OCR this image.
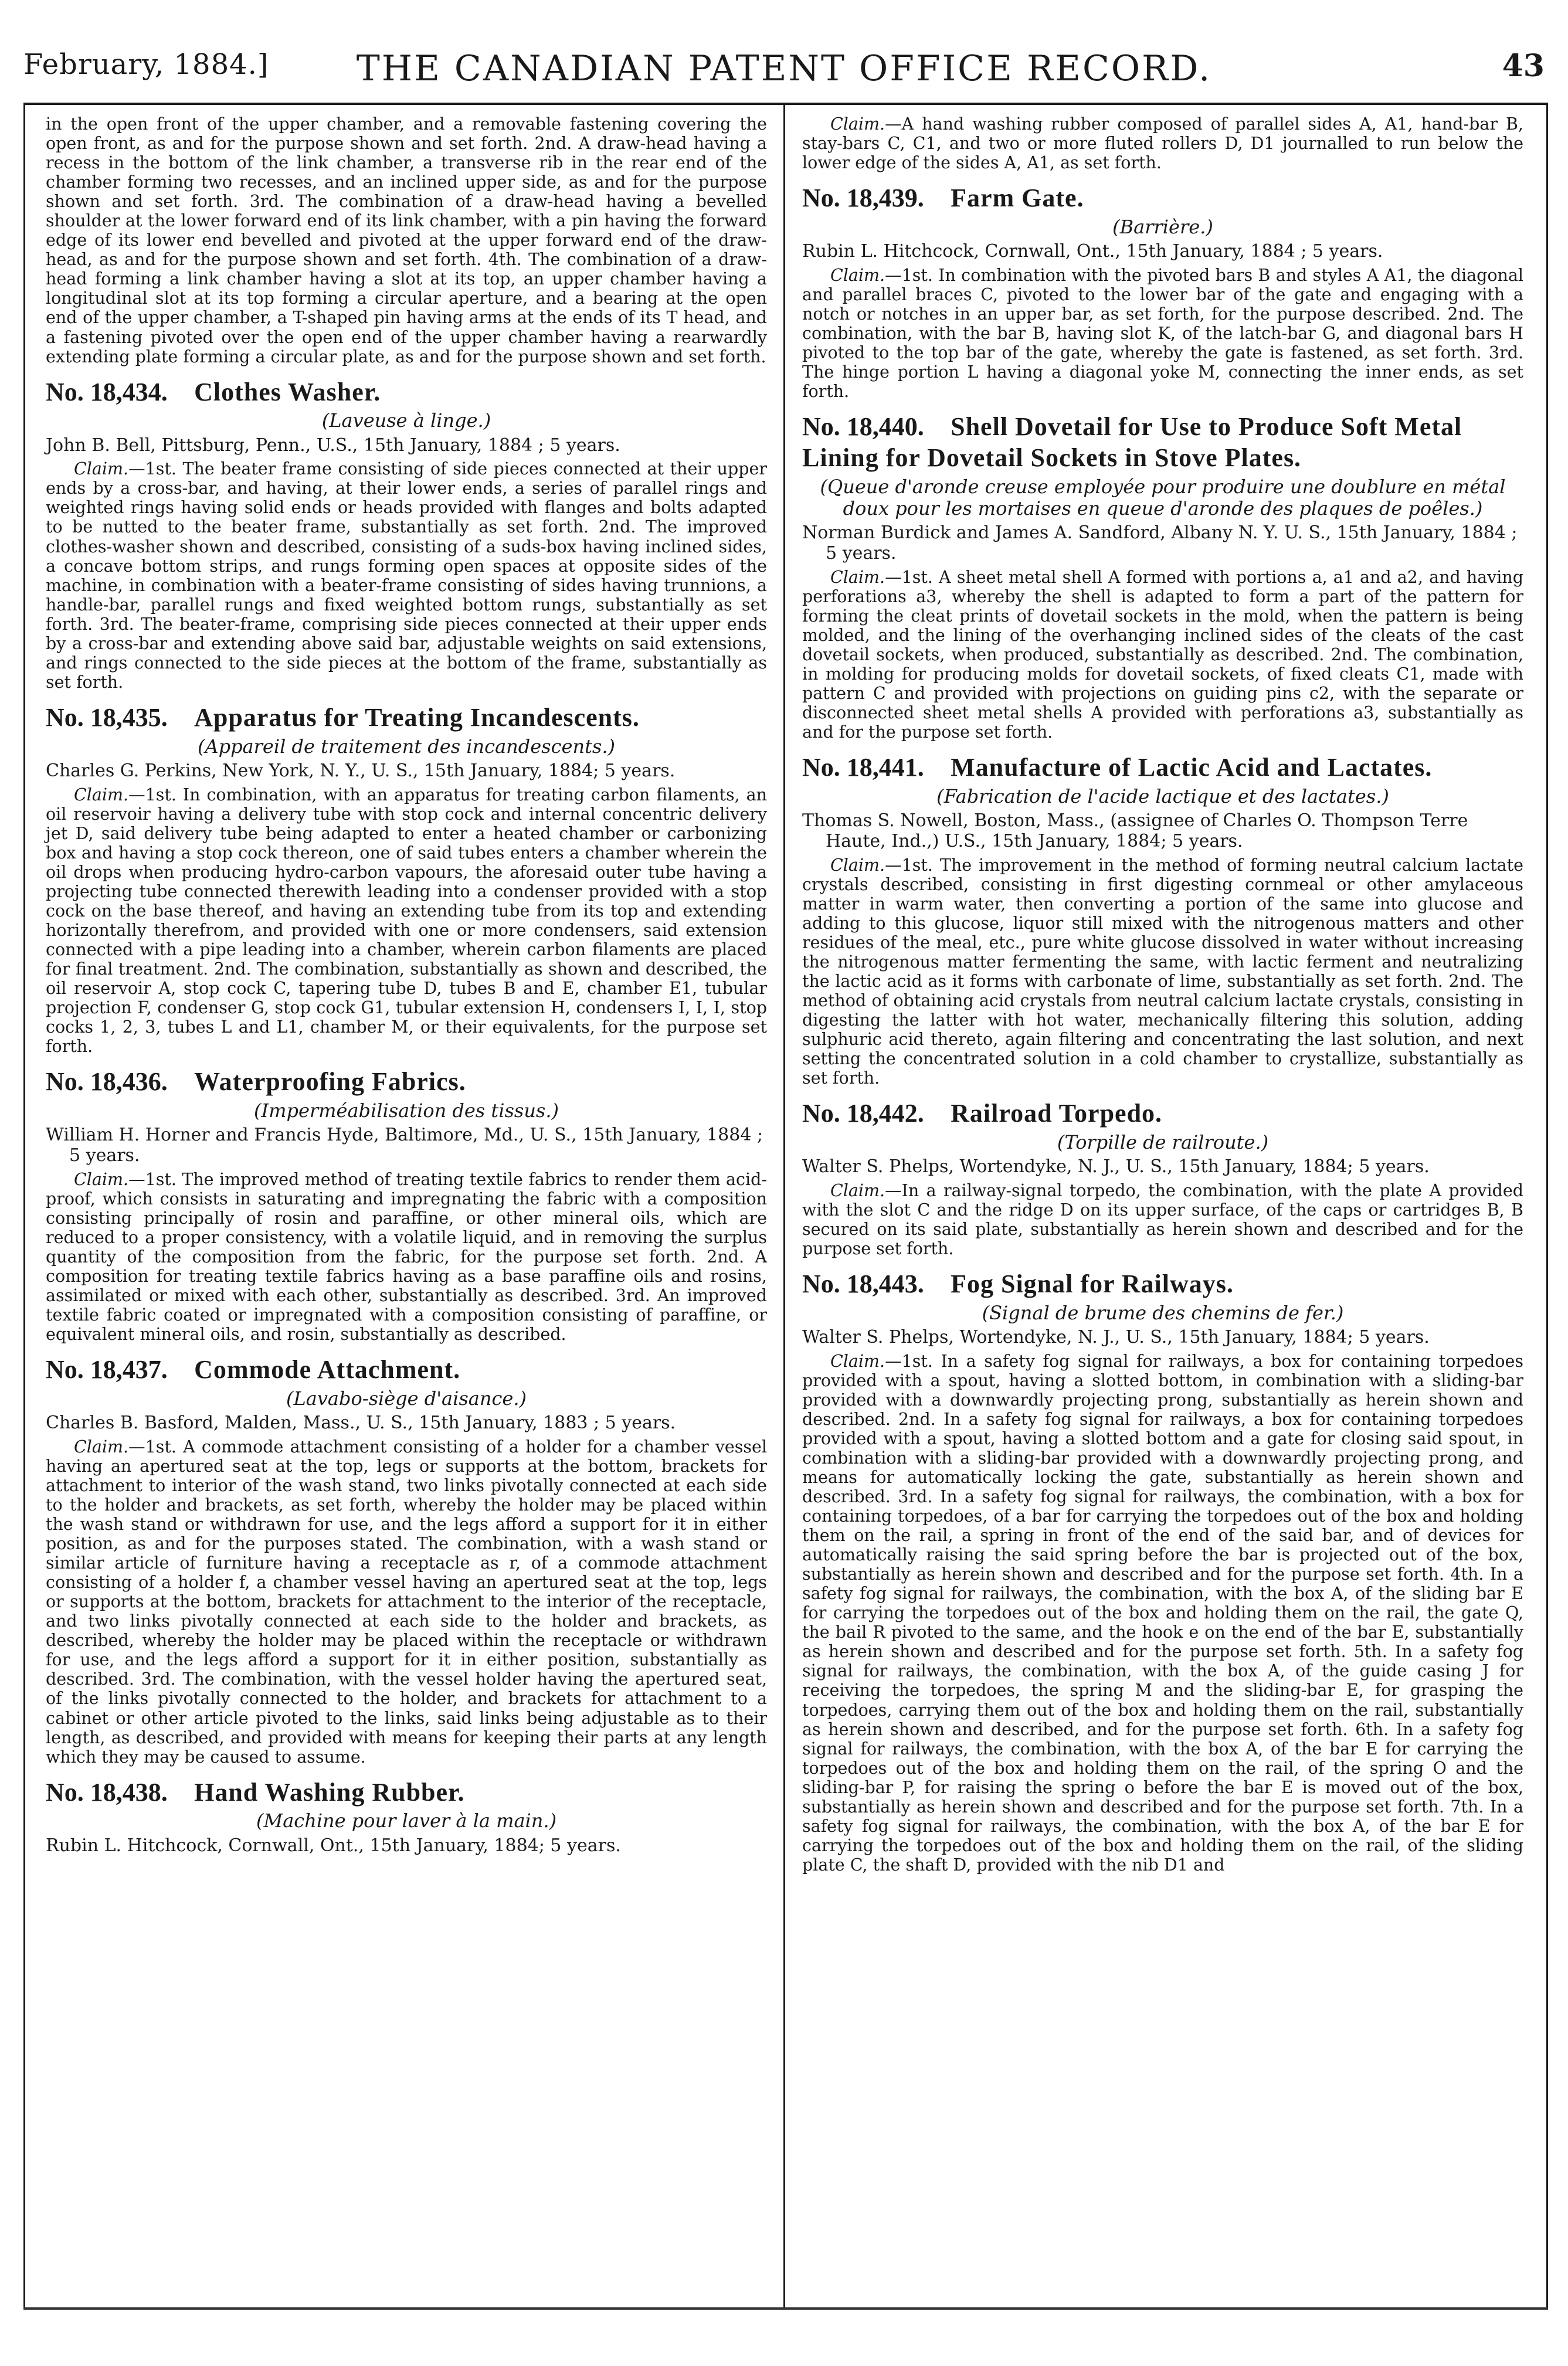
February, 1884.]	THE CANADIAN PATENT OFFICE RECORD.	43

in the open front of the upper chamber, and a removable fastening covering the open front, as and for the purpose shown and set forth. 2nd. A draw-head having a recess in the bottom of the link chamber, a transverse rib in the rear end of the chamber forming two recesses, and an inclined upper side, as and for the purpose shown and set forth. 3rd. The combination of a draw-head having a bevelled shoulder at the lower forward end of its link chamber, with a pin having the forward edge of its lower end bevelled and pivoted at the upper forward end of the draw-head, as and for the purpose shown and set forth. 4th. The combination of a draw-head forming a link chamber having a slot at its top, an upper chamber having a longitudinal slot at its top forming a circular aperture, and a bearing at the open end of the upper chamber, a T-shaped pin having arms at the ends of its T head, and a fastening pivoted over the open end of the upper chamber having a rearwardly extending plate forming a circular plate, as and for the purpose shown and set forth.

No. 18,434. Clothes Washer.
(Laveuse à linge.)
John B. Bell, Pittsburg, Penn., U.S., 15th January, 1884 ; 5 years.

Claim.—1st. The beater frame consisting of side pieces connected at their upper ends by a cross-bar, and having, at their lower ends, a series of parallel rings and weighted rings having solid ends or heads provided with flanges and bolts adapted to be nutted to the beater frame, substantially as set forth. 2nd. The improved clothes-washer shown and described, consisting of a suds-box having inclined sides, a concave bottom strips, and rungs forming open spaces at opposite sides of the machine, in combination with a beater-frame consisting of sides having trunnions, a handle-bar, parallel rungs and fixed weighted bottom rungs, substantially as set forth. 3rd. The beater-frame, comprising side pieces connected at their upper ends by a cross-bar and extending above said bar, adjustable weights on said extensions, and rings connected to the side pieces at the bottom of the frame, substantially as set forth.

No. 18,435. Apparatus for Treating Incandescents.
(Appareil de traitement des incandescents.)
Charles G. Perkins, New York, N. Y., U. S., 15th January, 1884; 5 years.

Claim.—1st. In combination, with an apparatus for treating carbon filaments, an oil reservoir having a delivery tube with stop cock and internal concentric delivery jet D, said delivery tube being adapted to enter a heated chamber or carbonizing box and having a stop cock thereon, one of said tubes enters a chamber wherein the oil drops when producing hydro-carbon vapours, the aforesaid outer tube having a projecting tube connected therewith leading into a condenser provided with a stop cock on the base thereof, and having an extending tube from its top and extending horizontally therefrom, and provided with one or more condensers, said extension connected with a pipe leading into a chamber, wherein carbon filaments are placed for final treatment. 2nd. The combination, substantially as shown and described, the oil reservoir A, stop cock C, tapering tube D, tubes B and E, chamber E1, tubular projection F, condenser G, stop cock G1, tubular extension H, condensers I, I, I, stop cocks 1, 2, 3, tubes L and L1, chamber M, or their equivalents, for the purpose set forth.

No. 18,436. Waterproofing Fabrics.
(Imperméabilisation des tissus.)
William H. Horner and Francis Hyde, Baltimore, Md., U. S., 15th January, 1884 ; 5 years.

Claim.—1st. The improved method of treating textile fabrics to render them acid-proof, which consists in saturating and impregnating the fabric with a composition consisting principally of rosin and paraffine, or other mineral oils, which are reduced to a proper consistency, with a volatile liquid, and in removing the surplus quantity of the composition from the fabric, for the purpose set forth. 2nd. A composition for treating textile fabrics having as a base paraffine oils and rosins, assimilated or mixed with each other, substantially as described. 3rd. An improved textile fabric coated or impregnated with a composition consisting of paraffine, or equivalent mineral oils, and rosin, substantially as described.

No. 18,437. Commode Attachment.
(Lavabo-siège d'aisance.)
Charles B. Basford, Malden, Mass., U. S., 15th January, 1883 ; 5 years.

Claim.—1st. A commode attachment consisting of a holder for a chamber vessel having an apertured seat at the top, legs or supports at the bottom, brackets for attachment to interior of the wash stand, two links pivotally connected at each side to the holder and brackets, as set forth, whereby the holder may be placed within the wash stand or withdrawn for use, and the legs afford a support for it in either position, as and for the purposes stated. The combination, with a wash stand or similar article of furniture having a receptacle as r, of a commode attachment consisting of a holder f, a chamber vessel having an apertured seat at the top, legs or supports at the bottom, brackets for attachment to the interior of the receptacle, and two links pivotally connected at each side to the holder and brackets, as described, whereby the holder may be placed within the receptacle or withdrawn for use, and the legs afford a support for it in either position, substantially as described. 3rd. The combination, with the vessel holder having the apertured seat, of the links pivotally connected to the holder, and brackets for attachment to a cabinet or other article pivoted to the links, said links being adjustable as to their length, as described, and provided with means for keeping their parts at any length which they may be caused to assume.

No. 18,438. Hand Washing Rubber.
(Machine pour laver à la main.)
Rubin L. Hitchcock, Cornwall, Ont., 15th January, 1884; 5 years.

Claim.—A hand washing rubber composed of parallel sides A, A1, hand-bar B, stay-bars C, C1, and two or more fluted rollers D, D1 journalled to run below the lower edge of the sides A, A1, as set forth.

No. 18,439. Farm Gate.
(Barrière.)
Rubin L. Hitchcock, Cornwall, Ont., 15th January, 1884 ; 5 years.

Claim.—1st. In combination with the pivoted bars B and styles A A1, the diagonal and parallel braces C, pivoted to the lower bar of the gate and engaging with a notch or notches in an upper bar, as set forth, for the purpose described. 2nd. The combination, with the bar B, having slot K, of the latch-bar G, and diagonal bars H pivoted to the top bar of the gate, whereby the gate is fastened, as set forth. 3rd. The hinge portion L having a diagonal yoke M, connecting the inner ends, as set forth.

No. 18,440. Shell Dovetail for Use to Produce Soft Metal Lining for Dovetail Sockets in Stove Plates.
(Queue d'aronde creuse employée pour produire une doublure en métal doux pour les mortaises en queue d'aronde des plaques de poêles.)
Norman Burdick and James A. Sandford, Albany N. Y. U. S., 15th January, 1884 ; 5 years.

Claim.—1st. A sheet metal shell A formed with portions a, a1 and a2, and having perforations a3, whereby the shell is adapted to form a part of the pattern for forming the cleat prints of dovetail sockets in the mold, when the pattern is being molded, and the lining of the overhanging inclined sides of the cleats of the cast dovetail sockets, when produced, substantially as described. 2nd. The combination, in molding for producing molds for dovetail sockets, of fixed cleats C1, made with pattern C and provided with projections on guiding pins c2, with the separate or disconnected sheet metal shells A provided with perforations a3, substantially as and for the purpose set forth.

No. 18,441. Manufacture of Lactic Acid and Lactates.
(Fabrication de l'acide lactique et des lactates.)
Thomas S. Nowell, Boston, Mass., (assignee of Charles O. Thompson Terre Haute, Ind.,) U.S., 15th January, 1884; 5 years.

Claim.—1st. The improvement in the method of forming neutral calcium lactate crystals described, consisting in first digesting cornmeal or other amylaceous matter in warm water, then converting a portion of the same into glucose and adding to this glucose, liquor still mixed with the nitrogenous matters and other residues of the meal, etc., pure white glucose dissolved in water without increasing the nitrogenous matter fermenting the same, with lactic ferment and neutralizing the lactic acid as it forms with carbonate of lime, substantially as set forth. 2nd. The method of obtaining acid crystals from neutral calcium lactate crystals, consisting in digesting the latter with hot water, mechanically filtering this solution, adding sulphuric acid thereto, again filtering and concentrating the last solution, and next setting the concentrated solution in a cold chamber to crystallize, substantially as set forth.

No. 18,442. Railroad Torpedo.
(Torpille de railroute.)
Walter S. Phelps, Wortendyke, N. J., U. S., 15th January, 1884; 5 years.

Claim.—In a railway-signal torpedo, the combination, with the plate A provided with the slot C and the ridge D on its upper surface, of the caps or cartridges B, B secured on its said plate, substantially as herein shown and described and for the purpose set forth.

No. 18,443. Fog Signal for Railways.
(Signal de brume des chemins de fer.)
Walter S. Phelps, Wortendyke, N. J., U. S., 15th January, 1884; 5 years.

Claim.—1st. In a safety fog signal for railways, a box for containing torpedoes provided with a spout, having a slotted bottom, in combination with a sliding-bar provided with a downwardly projecting prong, substantially as herein shown and described. 2nd. In a safety fog signal for railways, a box for containing torpedoes provided with a spout, having a slotted bottom and a gate for closing said spout, in combination with a sliding-bar provided with a downwardly projecting prong, and means for automatically locking the gate, substantially as herein shown and described. 3rd. In a safety fog signal for railways, the combination, with a box for containing torpedoes, of a bar for carrying the torpedoes out of the box and holding them on the rail, a spring in front of the end of the said bar, and of devices for automatically raising the said spring before the bar is projected out of the box, substantially as herein shown and described and for the purpose set forth. 4th. In a safety fog signal for railways, the combination, with the box A, of the sliding bar E for carrying the torpedoes out of the box and holding them on the rail, the gate Q, the bail R pivoted to the same, and the hook e on the end of the bar E, substantially as herein shown and described and for the purpose set forth. 5th. In a safety fog signal for railways, the combination, with the box A, of the guide casing J for receiving the torpedoes, the spring M and the sliding-bar E, for grasping the torpedoes, carrying them out of the box and holding them on the rail, substantially as herein shown and described, and for the purpose set forth. 6th. In a safety fog signal for railways, the combination, with the box A, of the bar E for carrying the torpedoes out of the box and holding them on the rail, of the spring O and the sliding-bar P, for raising the spring o before the bar E is moved out of the box, substantially as herein shown and described and for the purpose set forth. 7th. In a safety fog signal for railways, the combination, with the box A, of the bar E for carrying the torpedoes out of the box and holding them on the rail, of the sliding plate C, the shaft D, provided with the nib D1 and
